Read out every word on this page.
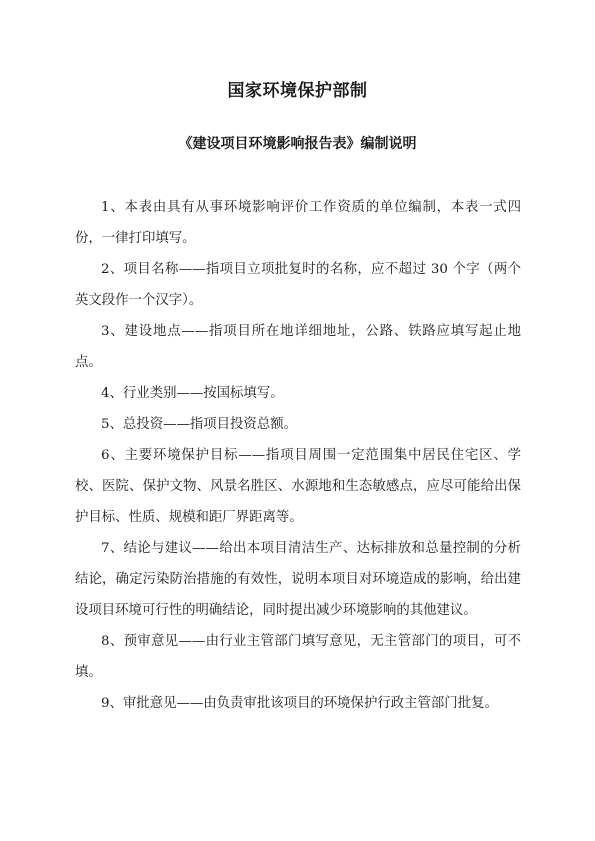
国家环境保护部制
《建设项目环境影响报告表》编制说明

1、本表由具有从事环境影响评价工作资质的单位编制，本表一式四份，一律打印填写。

2、项目名称——指项目立项批复时的名称，应不超过 30 个字（两个英文段作一个汉字）。

3、建设地点——指项目所在地详细地址，公路、铁路应填写起止地点。

4、行业类别——按国标填写。

5、总投资——指项目投资总额。

6、主要环境保护目标——指项目周围一定范围集中居民住宅区、学校、医院、保护文物、风景名胜区、水源地和生态敏感点，应尽可能给出保护目标、性质、规模和距厂界距离等。

7、结论与建议——给出本项目清洁生产、达标排放和总量控制的分析结论，确定污染防治措施的有效性，说明本项目对环境造成的影响，给出建设项目环境可行性的明确结论，同时提出减少环境影响的其他建议。

8、预审意见——由行业主管部门填写意见，无主管部门的项目，可不填。

9、审批意见——由负责审批该项目的环境保护行政主管部门批复。
